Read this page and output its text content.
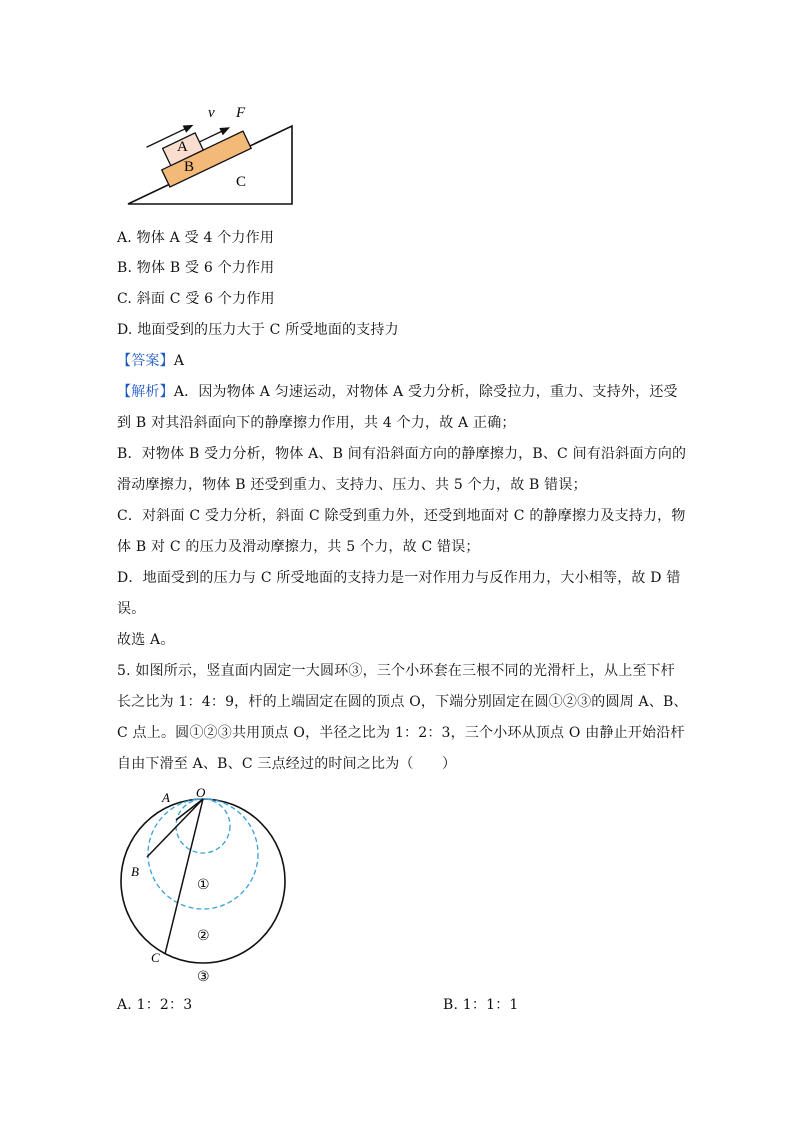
v F
A
B
C
A. 物体 A 受 4 个力作用
B. 物体 B 受 6 个力作用
C. 斜面 C 受 6 个力作用
D. 地面受到的压力大于 C 所受地面的支持力
【答案】A
【解析】A．因为物体 A 匀速运动，对物体 A 受力分析，除受拉力，重力、支持外，还受
到 B 对其沿斜面向下的静摩擦力作用，共 4 个力，故 A 正确；
B．对物体 B 受力分析，物体 A、B 间有沿斜面方向的静摩擦力，B、C 间有沿斜面方向的
滑动摩擦力，物体 B 还受到重力、支持力、压力、共 5 个力，故 B 错误；
C．对斜面 C 受力分析，斜面 C 除受到重力外，还受到地面对 C 的静摩擦力及支持力，物
体 B 对 C 的压力及滑动摩擦力，共 5 个力，故 C 错误；
D．地面受到的压力与 C 所受地面的支持力是一对作用力与反作用力，大小相等，故 D 错
误。
故选 A。
5. 如图所示，竖直面内固定一大圆环③，三个小环套在三根不同的光滑杆上，从上至下杆
长之比为 1：4：9，杆的上端固定在圆的顶点 O，下端分别固定在圆①②③的圆周 A、B、
C 点上。圆①②③共用顶点 O，半径之比为 1：2：3，三个小环从顶点 O 由静止开始沿杆
自由下滑至 A、B、C 三点经过的时间之比为（　　）
O
A
B
C
①
②
③
A. 1：2：3	B. 1：1：1
